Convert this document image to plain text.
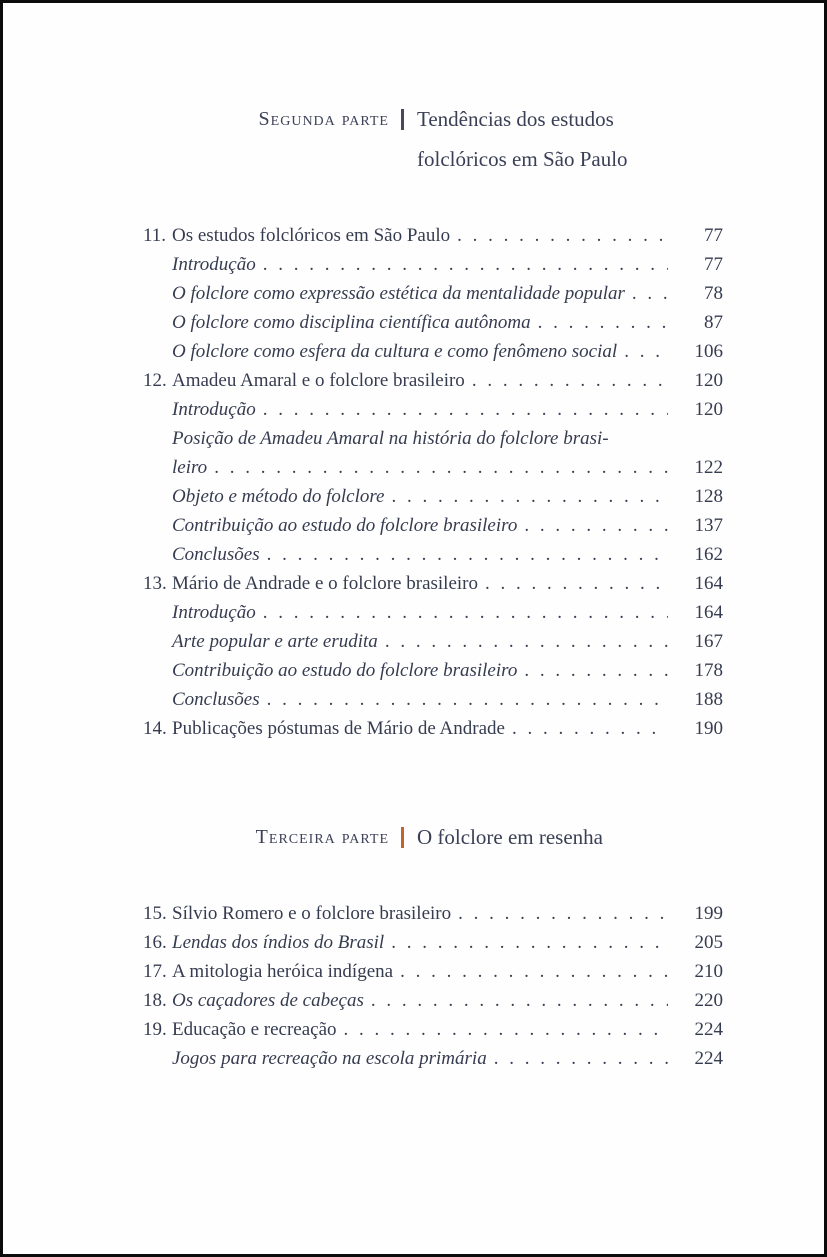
Segunda parte Tendências dos estudos
folclóricos em São Paulo
11. Os estudos folclóricos em São Paulo . . .	77
Introdução . . .	77
O folclore como expressão estética da mentalidade popular . . .	78
O folclore como disciplina científica autônoma . . .	87
O folclore como esfera da cultura e como fenômeno social . . .	106
12. Amadeu Amaral e o folclore brasileiro . . .	120
Introdução . . .	120
Posição de Amadeu Amaral na história do folclore brasi-
leiro . . .	122
Objeto e método do folclore . . .	128
Contribuição ao estudo do folclore brasileiro . . .	137
Conclusões . . .	162
13. Mário de Andrade e o folclore brasileiro . . .	164
Introdução . . .	164
Arte popular e arte erudita . . .	167
Contribuição ao estudo do folclore brasileiro . . .	178
Conclusões . . .	188
14. Publicações póstumas de Mário de Andrade . . .	190
Terceira parte O folclore em resenha
15. Sílvio Romero e o folclore brasileiro . . .	199
16. Lendas dos índios do Brasil . . .	205
17. A mitologia heróica indígena . . .	210
18. Os caçadores de cabeças . . .	220
19. Educação e recreação . . .	224
Jogos para recreação na escola primária . . .	224
